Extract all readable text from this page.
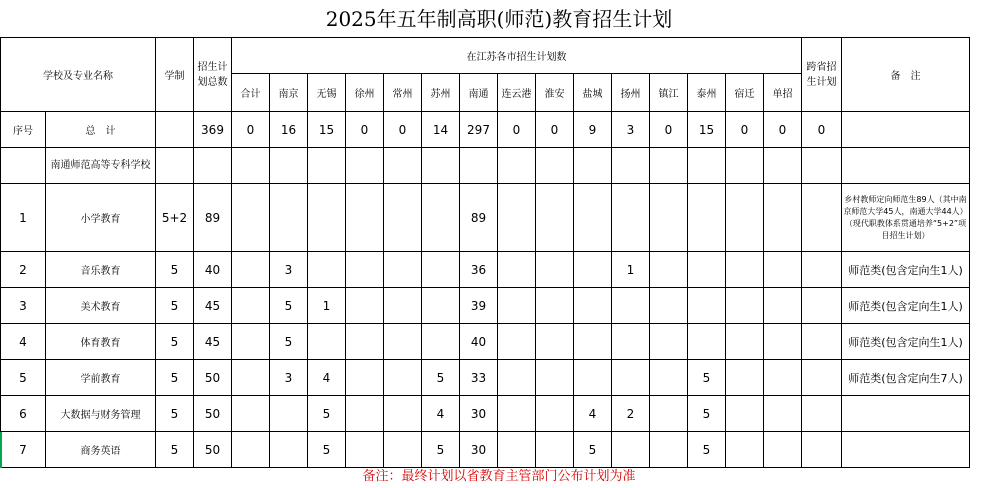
2025年五年制高职(师范)教育招生计划
学校及专业名称		学制	招生计划总数	在江苏各市招生计划数															跨省招生计划	备　注
				合计	南京	无锡	徐州	常州	苏州	南通	连云港	淮安	盐城	扬州	镇江	泰州	宿迁	单招		
序号	总　计		369	0	16	15	0	0	14	297	0	0	9	3	0	15	0	0	0	
	南通师范高等专科学校																			
1	小学教育	5+2	89							89										乡村教师定向师范生89人（其中南京师范大学45人，南通大学44人）（现代职教体系贯通培养“5+2”项目招生计划）
2	音乐教育	5	40		3					36				1						师范类(包含定向生1人)
3	美术教育	5	45		5	1				39										师范类(包含定向生1人)
4	体育教育	5	45		5					40										师范类(包含定向生1人)
5	学前教育	5	50		3	4			5	33						5				师范类(包含定向生7人)
6	大数据与财务管理	5	50			5			4	30			4	2		5				
7	商务英语	5	50			5			5	30			5			5				
备注：最终计划以省教育主管部门公布计划为准
